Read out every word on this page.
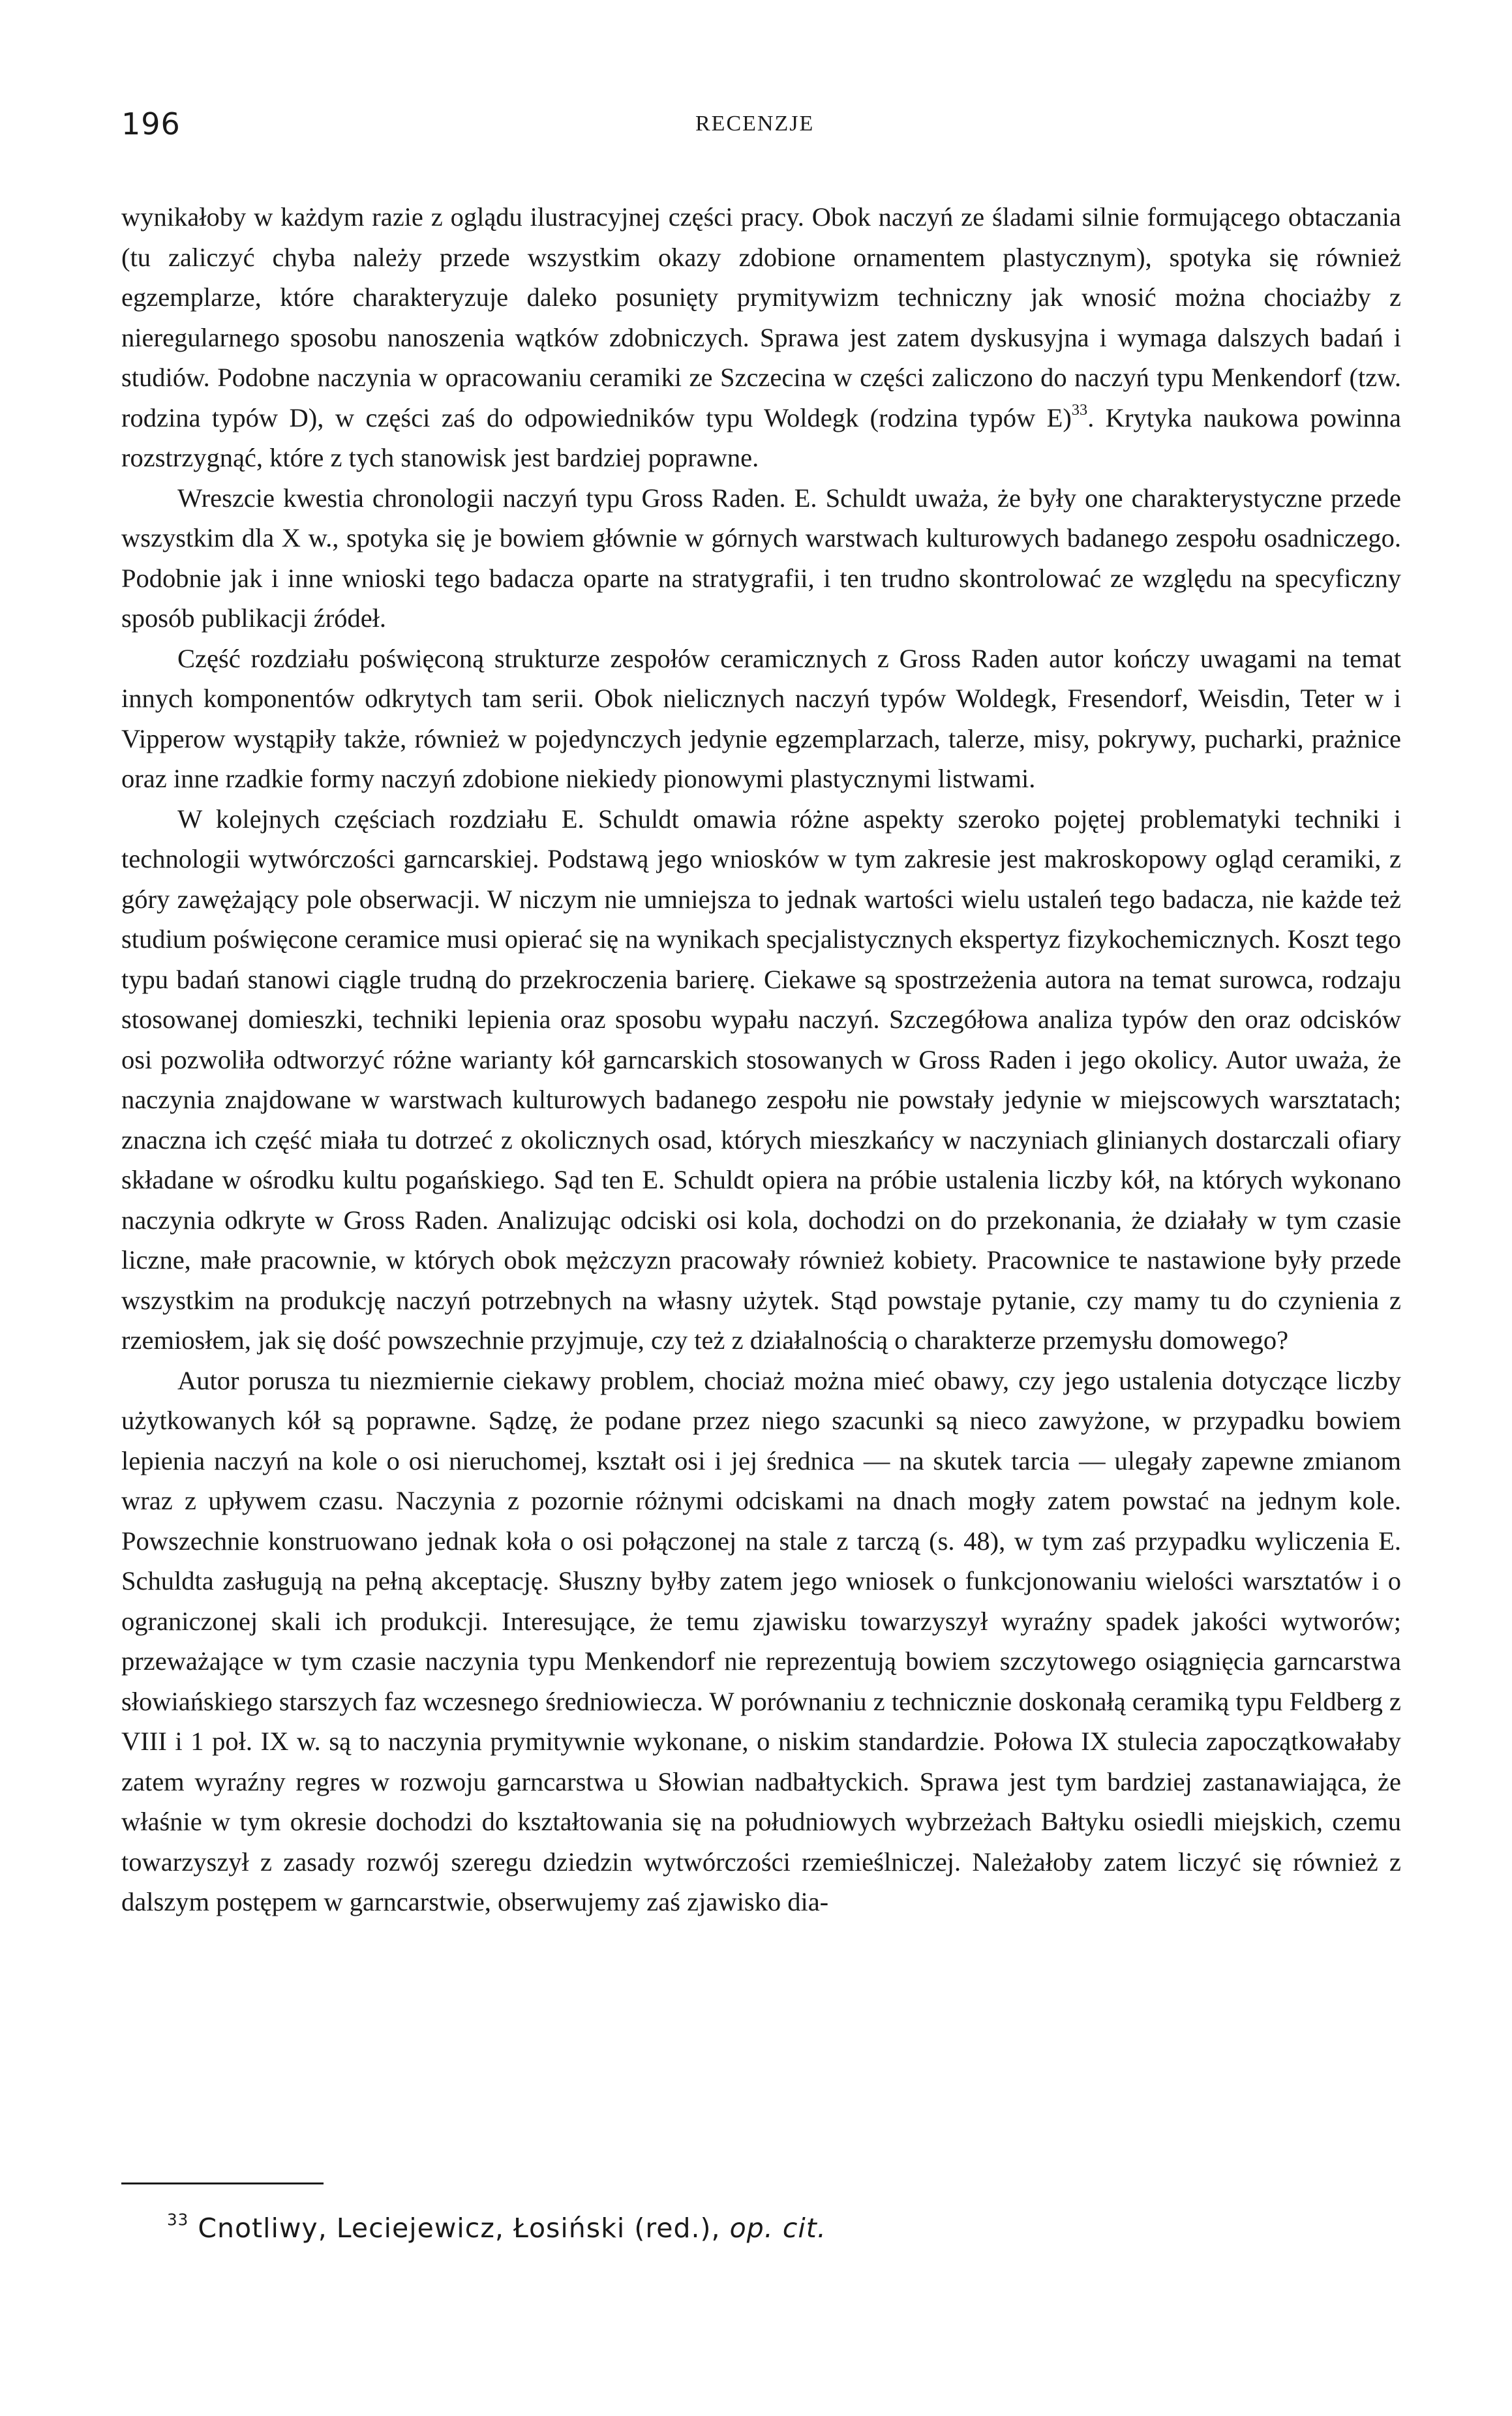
196	RECENZJE

wynikałoby w każdym razie z oglądu ilustracyjnej części pracy. Obok naczyń ze śladami silnie formującego obtaczania (tu zaliczyć chyba należy przede wszystkim okazy zdobione ornamentem plastycznym), spotyka się również egzemplarze, które charakteryzuje daleko posunięty prymitywizm techniczny jak wnosić można chociażby z nieregularnego sposobu nanoszenia wątków zdobniczych. Sprawa jest zatem dyskusyjna i wymaga dalszych badań i studiów. Podobne naczynia w opracowaniu ceramiki ze Szczecina w części zaliczono do naczyń typu Menkendorf (tzw. rodzina typów D), w części zaś do odpowiedników typu Woldegk (rodzina typów E)$^{33}$. Krytyka naukowa powinna rozstrzygnąć, które z tych stanowisk jest bardziej poprawne.

Wreszcie kwestia chronologii naczyń typu Gross Raden. E. Schuldt uważa, że były one charakterystyczne przede wszystkim dla X w., spotyka się je bowiem głównie w górnych warstwach kulturowych badanego zespołu osadniczego. Podobnie jak i inne wnioski tego badacza oparte na stratygrafii, i ten trudno skontrolować ze względu na specyficzny sposób publikacji źródeł.

Część rozdziału poświęconą strukturze zespołów ceramicznych z Gross Raden autor kończy uwagami na temat innych komponentów odkrytych tam serii. Obok nielicznych naczyń typów Woldegk, Fresendorf, Weisdin, Teter w i Vipperow wystąpiły także, również w pojedynczych jedynie egzemplarzach, talerze, misy, pokrywy, pucharki, prażnice oraz inne rzadkie formy naczyń zdobione niekiedy pionowymi plastycznymi listwami.

W kolejnych częściach rozdziału E. Schuldt omawia różne aspekty szeroko pojętej problematyki techniki i technologii wytwórczości garncarskiej. Podstawą jego wniosków w tym zakresie jest makroskopowy ogląd ceramiki, z góry zawężający pole obserwacji. W niczym nie umniejsza to jednak wartości wielu ustaleń tego badacza, nie każde też studium poświęcone ceramice musi opierać się na wynikach specjalistycznych ekspertyz fizykochemicznych. Koszt tego typu badań stanowi ciągle trudną do przekroczenia barierę. Ciekawe są spostrzeżenia autora na temat surowca, rodzaju stosowanej domieszki, techniki lepienia oraz sposobu wypału naczyń. Szczegółowa analiza typów den oraz odcisków osi pozwoliła odtworzyć różne warianty kół garncarskich stosowanych w Gross Raden i jego okolicy. Autor uważa, że naczynia znajdowane w warstwach kulturowych badanego zespołu nie powstały jedynie w miejscowych warsztatach; znaczna ich część miała tu dotrzeć z okolicznych osad, których mieszkańcy w naczyniach glinianych dostarczali ofiary składane w ośrodku kultu pogańskiego. Sąd ten E. Schuldt opiera na próbie ustalenia liczby kół, na których wykonano naczynia odkryte w Gross Raden. Analizując odciski osi kola, dochodzi on do przekonania, że działały w tym czasie liczne, małe pracownie, w których obok mężczyzn pracowały również kobiety. Pracownice te nastawione były przede wszystkim na produkcję naczyń potrzebnych na własny użytek. Stąd powstaje pytanie, czy mamy tu do czynienia z rzemiosłem, jak się dość powszechnie przyjmuje, czy też z działalnością o charakterze przemysłu domowego?

Autor porusza tu niezmiernie ciekawy problem, chociaż można mieć obawy, czy jego ustalenia dotyczące liczby użytkowanych kół są poprawne. Sądzę, że podane przez niego szacunki są nieco zawyżone, w przypadku bowiem lepienia naczyń na kole o osi nieruchomej, kształt osi i jej średnica — na skutek tarcia — ulegały zapewne zmianom wraz z upływem czasu. Naczynia z pozornie różnymi odciskami na dnach mogły zatem powstać na jednym kole. Powszechnie konstruowano jednak koła o osi połączonej na stale z tarczą (s. 48), w tym zaś przypadku wyliczenia E. Schuldta zasługują na pełną akceptację. Słuszny byłby zatem jego wniosek o funkcjonowaniu wielości warsztatów i o ograniczonej skali ich produkcji. Interesujące, że temu zjawisku towarzyszył wyraźny spadek jakości wytworów; przeważające w tym czasie naczynia typu Menkendorf nie reprezentują bowiem szczytowego osiągnięcia garncarstwa słowiańskiego starszych faz wczesnego średniowiecza. W porównaniu z technicznie doskonałą ceramiką typu Feldberg z VIII i 1 poł. IX w. są to naczynia prymitywnie wykonane, o niskim standardzie. Połowa IX stulecia zapoczątkowałaby zatem wyraźny regres w rozwoju garncarstwa u Słowian nadbałtyckich. Sprawa jest tym bardziej zastanawiająca, że właśnie w tym okresie dochodzi do kształtowania się na południowych wybrzeżach Bałtyku osiedli miejskich, czemu towarzyszył z zasady rozwój szeregu dziedzin wytwórczości rzemieślniczej. Należałoby zatem liczyć się również z dalszym postępem w garncarstwie, obserwujemy zaś zjawisko dia-

$^{33}$ Cnotliwy, Leciejewicz, Łosiński (red.), op. cit.
